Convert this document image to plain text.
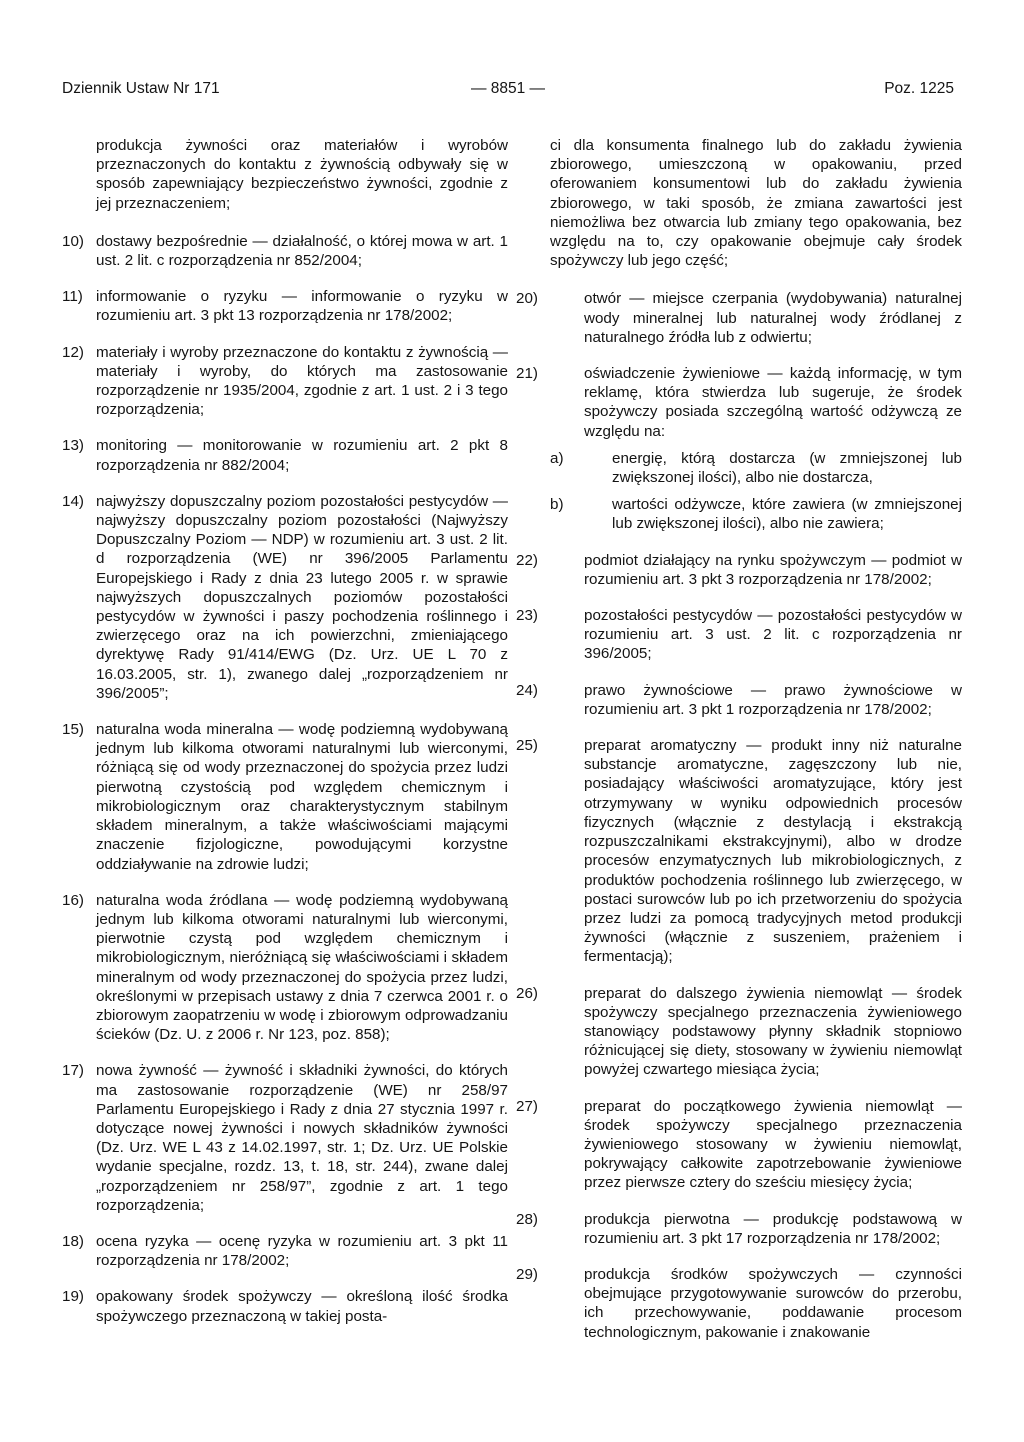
Dziennik Ustaw Nr 171	— 8851 —	Poz. 1225

produkcja żywności oraz materiałów i wyrobów przeznaczonych do kontaktu z żywnością odbywały się w sposób zapewniający bezpieczeństwo żywności, zgodnie z jej przeznaczeniem;

10) dostawy bezpośrednie — działalność, o której mowa w art. 1 ust. 2 lit. c rozporządzenia nr 852/2004;
11) informowanie o ryzyku — informowanie o ryzyku w rozumieniu art. 3 pkt 13 rozporządzenia nr 178/2002;
12) materiały i wyroby przeznaczone do kontaktu z żywnością — materiały i wyroby, do których ma zastosowanie rozporządzenie nr 1935/2004, zgodnie z art. 1 ust. 2 i 3 tego rozporządzenia;
13) monitoring — monitorowanie w rozumieniu art. 2 pkt 8 rozporządzenia nr 882/2004;
14) najwyższy dopuszczalny poziom pozostałości pestycydów — najwyższy dopuszczalny poziom pozostałości (Najwyższy Dopuszczalny Poziom — NDP) w rozumieniu art. 3 ust. 2 lit. d rozporządzenia (WE) nr 396/2005 Parlamentu Europejskiego i Rady z dnia 23 lutego 2005 r. w sprawie najwyższych dopuszczalnych poziomów pozostałości pestycydów w żywności i paszy pochodzenia roślinnego i zwierzęcego oraz na ich powierzchni, zmieniającego dyrektywę Rady 91/414/EWG (Dz. Urz. UE L 70 z 16.03.2005, str. 1), zwanego dalej „rozporządzeniem nr 396/2005”;
15) naturalna woda mineralna — wodę podziemną wydobywaną jednym lub kilkoma otworami naturalnymi lub wierconymi, różniącą się od wody przeznaczonej do spożycia przez ludzi pierwotną czystością pod względem chemicznym i mikrobiologicznym oraz charakterystycznym stabilnym składem mineralnym, a także właściwościami mającymi znaczenie fizjologiczne, powodującymi korzystne oddziaływanie na zdrowie ludzi;
16) naturalna woda źródlana — wodę podziemną wydobywaną jednym lub kilkoma otworami naturalnymi lub wierconymi, pierwotnie czystą pod względem chemicznym i mikrobiologicznym, nieróżniącą się właściwościami i składem mineralnym od wody przeznaczonej do spożycia przez ludzi, określonymi w przepisach ustawy z dnia 7 czerwca 2001 r. o zbiorowym zaopatrzeniu w wodę i zbiorowym odprowadzaniu ścieków (Dz. U. z 2006 r. Nr 123, poz. 858);
17) nowa żywność — żywność i składniki żywności, do których ma zastosowanie rozporządzenie (WE) nr 258/97 Parlamentu Europejskiego i Rady z dnia 27 stycznia 1997 r. dotyczące nowej żywności i nowych składników żywności (Dz. Urz. WE L 43 z 14.02.1997, str. 1; Dz. Urz. UE Polskie wydanie specjalne, rozdz. 13, t. 18, str. 244), zwane dalej „rozporządzeniem nr 258/97”, zgodnie z art. 1 tego rozporządzenia;
18) ocena ryzyka — ocenę ryzyka w rozumieniu art. 3 pkt 11 rozporządzenia nr 178/2002;
19) opakowany środek spożywczy — określoną ilość środka spożywczego przeznaczoną w takiej posta-

ci dla konsumenta finalnego lub do zakładu żywienia zbiorowego, umieszczoną w opakowaniu, przed oferowaniem konsumentowi lub do zakładu żywienia zbiorowego, w taki sposób, że zmiana zawartości jest niemożliwa bez otwarcia lub zmiany tego opakowania, bez względu na to, czy opakowanie obejmuje cały środek spożywczy lub jego część;

20)	otwór — miejsce czerpania (wydobywania) naturalnej wody mineralnej lub naturalnej wody źródlanej z naturalnego źródła lub z odwiertu;
21)	oświadczenie żywieniowe — każdą informację, w tym reklamę, która stwierdza lub sugeruje, że środek spożywczy posiada szczególną wartość odżywczą ze względu na:
a)	energię, którą dostarcza (w zmniejszonej lub zwiększonej ilości), albo nie dostarcza,
b)	wartości odżywcze, które zawiera (w zmniejszonej lub zwiększonej ilości), albo nie zawiera;
22)	podmiot działający na rynku spożywczym — podmiot w rozumieniu art. 3 pkt 3 rozporządzenia nr 178/2002;
23)	pozostałości pestycydów — pozostałości pestycydów w rozumieniu art. 3 ust. 2 lit. c rozporządzenia nr 396/2005;
24)	prawo żywnościowe — prawo żywnościowe w rozumieniu art. 3 pkt 1 rozporządzenia nr 178/2002;
25)	preparat aromatyczny — produkt inny niż naturalne substancje aromatyczne, zagęszczony lub nie, posiadający właściwości aromatyzujące, który jest otrzymywany w wyniku odpowiednich procesów fizycznych (włącznie z destylacją i ekstrakcją rozpuszczalnikami ekstrakcyjnymi), albo w drodze procesów enzymatycznych lub mikrobiologicznych, z produktów pochodzenia roślinnego lub zwierzęcego, w postaci surowców lub po ich przetworzeniu do spożycia przez ludzi za pomocą tradycyjnych metod produkcji żywności (włącznie z suszeniem, prażeniem i fermentacją);
26)	preparat do dalszego żywienia niemowląt — środek spożywczy specjalnego przeznaczenia żywieniowego stanowiący podstawowy płynny składnik stopniowo różnicującej się diety, stosowany w żywieniu niemowląt powyżej czwartego miesiąca życia;
27)	preparat do początkowego żywienia niemowląt — środek spożywczy specjalnego przeznaczenia żywieniowego stosowany w żywieniu niemowląt, pokrywający całkowite zapotrzebowanie żywieniowe przez pierwsze cztery do sześciu miesięcy życia;
28)	produkcja pierwotna — produkcję podstawową w rozumieniu art. 3 pkt 17 rozporządzenia nr 178/2002;
29)	produkcja środków spożywczych — czynności obejmujące przygotowywanie surowców do przerobu, ich przechowywanie, poddawanie procesom technologicznym, pakowanie i znakowanie
